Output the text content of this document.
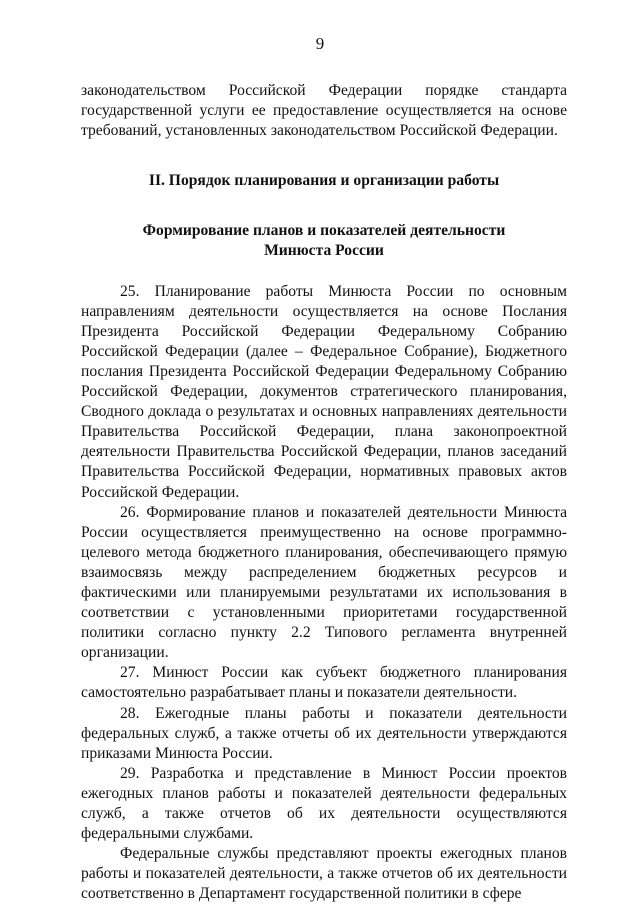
9

законодательством Российской Федерации порядке стандарта государственной услуги ее предоставление осуществляется на основе требований, установленных законодательством Российской Федерации.

II. Порядок планирования и организации работы

Формирование планов и показателей деятельности

Минюста России

25. Планирование работы Минюста России по основным направлениям деятельности осуществляется на основе Послания Президента Российской Федерации Федеральному Собранию Российской Федерации (далее – Федеральное Собрание), Бюджетного послания Президента Российской Федерации Федеральному Собранию Российской Федерации, документов стратегического планирования, Сводного доклада о результатах и основных направлениях деятельности Правительства Российской Федерации, плана законопроектной деятельности Правительства Российской Федерации, планов заседаний Правительства Российской Федерации, нормативных правовых актов Российской Федерации.

26. Формирование планов и показателей деятельности Минюста России осуществляется преимущественно на основе программно-целевого метода бюджетного планирования, обеспечивающего прямую взаимосвязь между распределением бюджетных ресурсов и фактическими или планируемыми результатами их использования в соответствии с установленными приоритетами государственной политики согласно пункту 2.2 Типового регламента внутренней организации.

27. Минюст России как субъект бюджетного планирования самостоятельно разрабатывает планы и показатели деятельности.

28. Ежегодные планы работы и показатели деятельности федеральных служб, а также отчеты об их деятельности утверждаются приказами Минюста России.

29. Разработка и представление в Минюст России проектов ежегодных планов работы и показателей деятельности федеральных служб, а также отчетов об их деятельности осуществляются федеральными службами.

Федеральные службы представляют проекты ежегодных планов работы и показателей деятельности, а также отчетов об их деятельности соответственно в Департамент государственной политики в сфере
